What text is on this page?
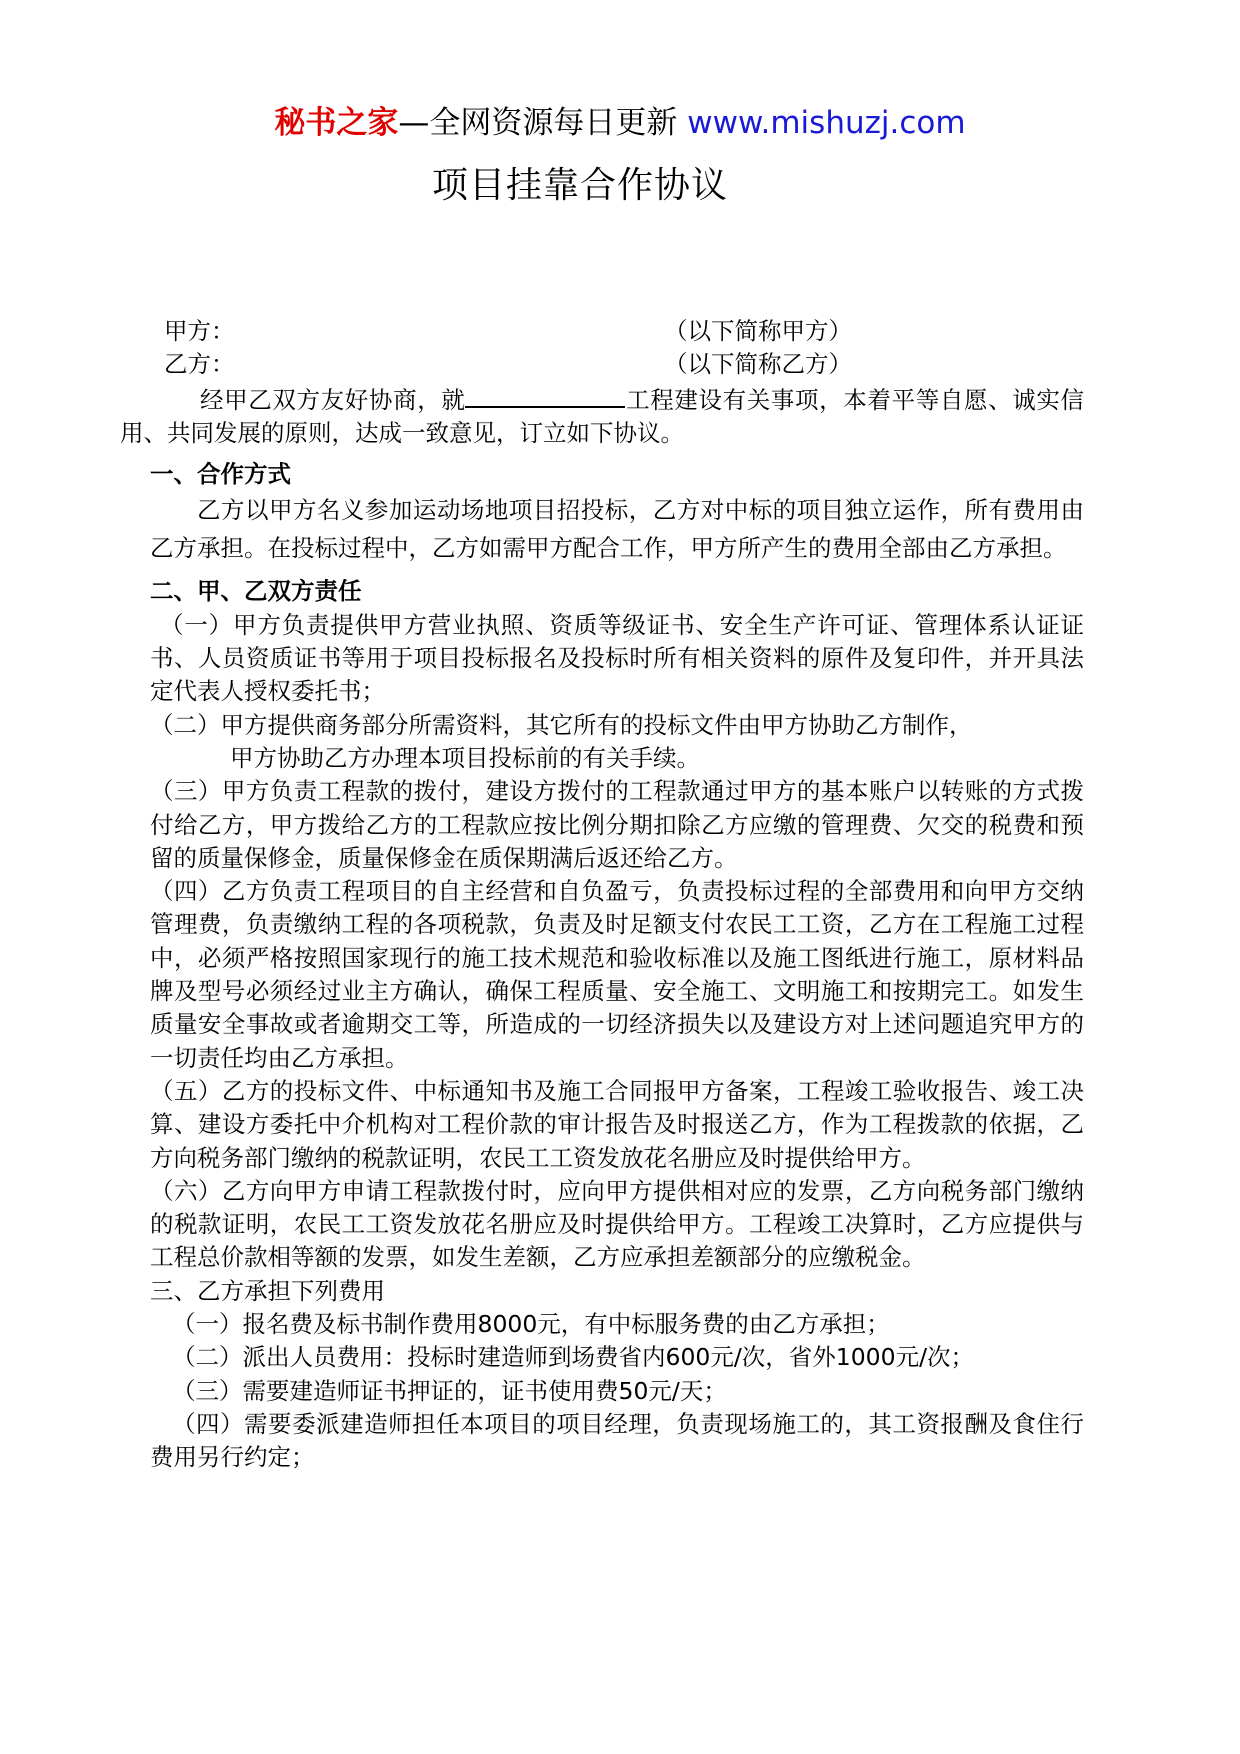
秘书之家—全网资源每日更新 www.mishuzj.com
项目挂靠合作协议
甲方：	（以下简称甲方）
乙方：	（以下简称乙方）
经甲乙双方友好协商，就	工程建设有关事项，本着平等自愿、诚实信用、共同发展的原则，达成一致意见，订立如下协议。
一、合作方式
乙方以甲方名义参加运动场地项目招投标，乙方对中标的项目独立运作，所有费用由乙方承担。在投标过程中，乙方如需甲方配合工作，甲方所产生的费用全部由乙方承担。
二、甲、乙双方责任
（一）甲方负责提供甲方营业执照、资质等级证书、安全生产许可证、管理体系认证证书、人员资质证书等用于项目投标报名及投标时所有相关资料的原件及复印件，并开具法定代表人授权委托书；
（二）甲方提供商务部分所需资料，其它所有的投标文件由甲方协助乙方制作，
甲方协助乙方办理本项目投标前的有关手续。
（三）甲方负责工程款的拨付，建设方拨付的工程款通过甲方的基本账户以转账的方式拨付给乙方，甲方拨给乙方的工程款应按比例分期扣除乙方应缴的管理费、欠交的税费和预留的质量保修金，质量保修金在质保期满后返还给乙方。
（四）乙方负责工程项目的自主经营和自负盈亏，负责投标过程的全部费用和向甲方交纳管理费，负责缴纳工程的各项税款，负责及时足额支付农民工工资，乙方在工程施工过程中，必须严格按照国家现行的施工技术规范和验收标准以及施工图纸进行施工，原材料品牌及型号必须经过业主方确认，确保工程质量、安全施工、文明施工和按期完工。如发生质量安全事故或者逾期交工等，所造成的一切经济损失以及建设方对上述问题追究甲方的一切责任均由乙方承担。
（五）乙方的投标文件、中标通知书及施工合同报甲方备案，工程竣工验收报告、竣工决算、建设方委托中介机构对工程价款的审计报告及时报送乙方，作为工程拨款的依据，乙方向税务部门缴纳的税款证明，农民工工资发放花名册应及时提供给甲方。
（六）乙方向甲方申请工程款拨付时，应向甲方提供相对应的发票，乙方向税务部门缴纳的税款证明，农民工工资发放花名册应及时提供给甲方。工程竣工决算时，乙方应提供与工程总价款相等额的发票，如发生差额，乙方应承担差额部分的应缴税金。
三、乙方承担下列费用
（一）报名费及标书制作费用8000元，有中标服务费的由乙方承担；
（二）派出人员费用：投标时建造师到场费省内600元/次，省外1000元/次；
（三）需要建造师证书押证的，证书使用费50元/天；
（四）需要委派建造师担任本项目的项目经理，负责现场施工的，其工资报酬及食住行费用另行约定；
